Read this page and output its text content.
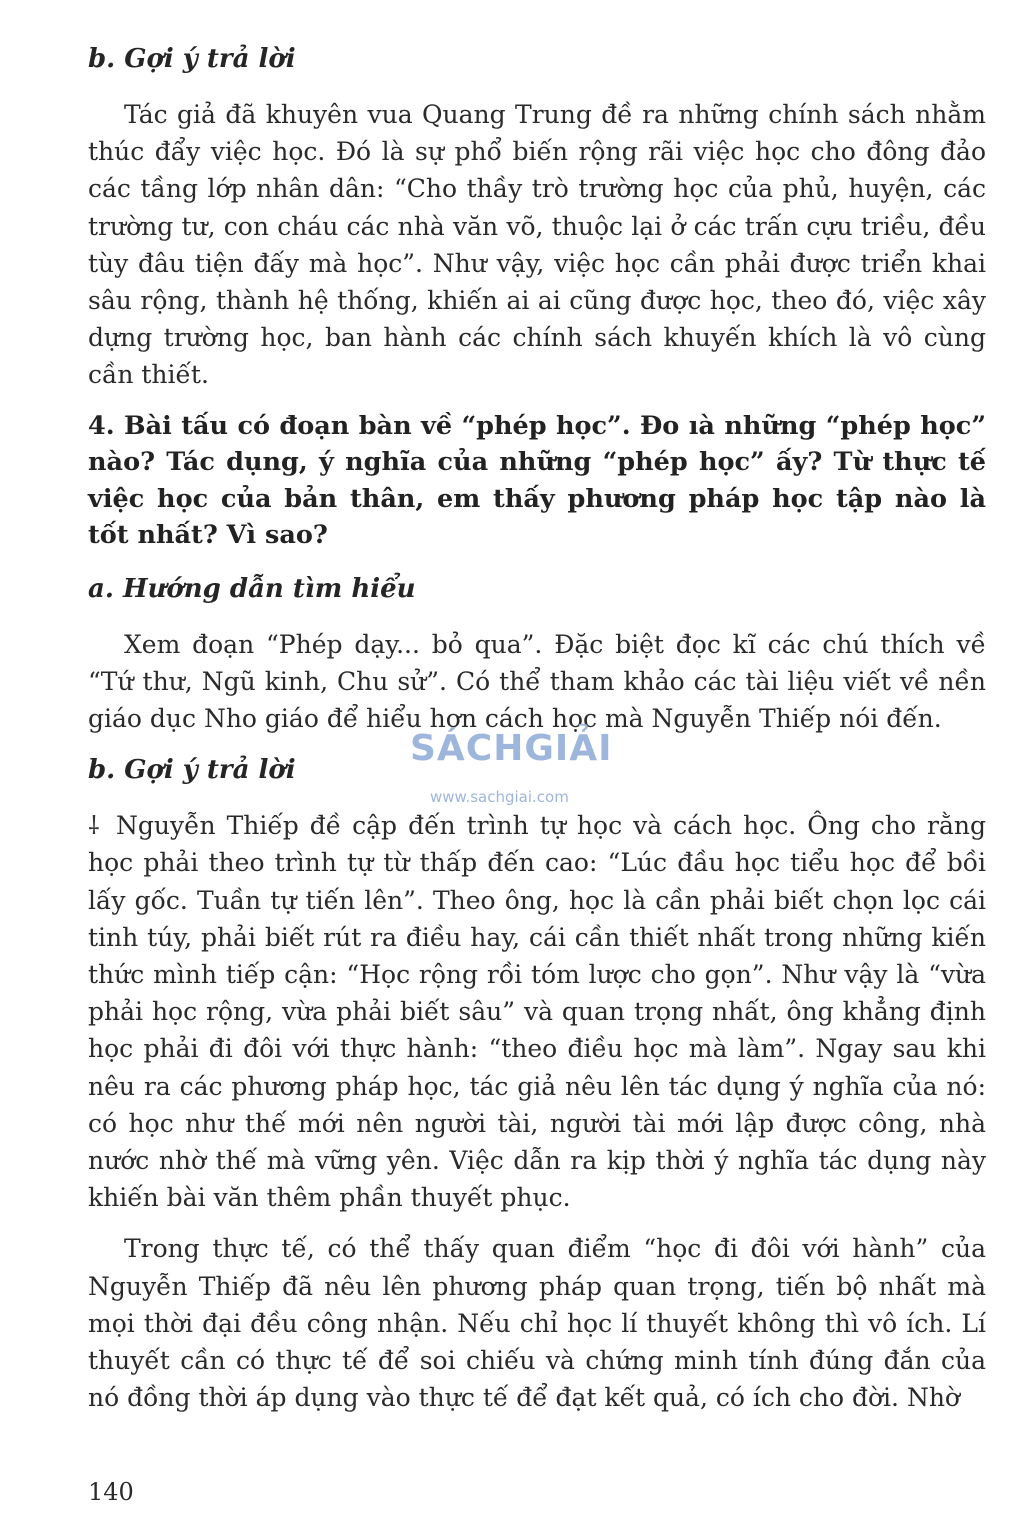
b. Gợi ý trả lời

Tác giả đã khuyên vua Quang Trung đề ra những chính sách nhằm thúc đẩy việc học. Đó là sự phổ biến rộng rãi việc học cho đông đảo các tầng lớp nhân dân: “Cho thầy trò trường học của phủ, huyện, các trường tư, con cháu các nhà văn võ, thuộc lại ở các trấn cựu triều, đều tùy đâu tiện đấy mà học”. Như vậy, việc học cần phải được triển khai sâu rộng, thành hệ thống, khiến ai ai cũng được học, theo đó, việc xây dựng trường học, ban hành các chính sách khuyến khích là vô cùng cần thiết.

4. Bài tấu có đoạn bàn về “phép học”. Đo ıà những “phép học” nào? Tác dụng, ý nghĩa của những “phép học” ấy? Từ thực tế việc học của bản thân, em thấy phương pháp học tập nào là tốt nhất? Vì sao?

a. Hướng dẫn tìm hiểu

Xem đoạn “Phép dạy... bỏ qua”. Đặc biệt đọc kĩ các chú thích về “Tứ thư, Ngũ kinh, Chu sử”. Có thể tham khảo các tài liệu viết về nền giáo dục Nho giáo để hiểu hơn cách học mà Nguyễn Thiếp nói đến.

b. Gợi ý trả lời

⸸ Nguyễn Thiếp đề cập đến trình tự học và cách học. Ông cho rằng học phải theo trình tự từ thấp đến cao: “Lúc đầu học tiểu học để bồi lấy gốc. Tuần tự tiến lên”. Theo ông, học là cần phải biết chọn lọc cái tinh túy, phải biết rút ra điều hay, cái cần thiết nhất trong những kiến thức mình tiếp cận: “Học rộng rồi tóm lược cho gọn”. Như vậy là “vừa phải học rộng, vừa phải biết sâu” và quan trọng nhất, ông khẳng định học phải đi đôi với thực hành: “theo điều học mà làm”. Ngay sau khi nêu ra các phương pháp học, tác giả nêu lên tác dụng ý nghĩa của nó: có học như thế mới nên người tài, người tài mới lập được công, nhà nước nhờ thế mà vững yên. Việc dẫn ra kịp thời ý nghĩa tác dụng này khiến bài văn thêm phần thuyết phục.

Trong thực tế, có thể thấy quan điểm “học đi đôi với hành” của Nguyễn Thiếp đã nêu lên phương pháp quan trọng, tiến bộ nhất mà mọi thời đại đều công nhận. Nếu chỉ học lí thuyết không thì vô ích. Lí thuyết cần có thực tế để soi chiếu và chứng minh tính đúng đắn của nó đồng thời áp dụng vào thực tế để đạt kết quả, có ích cho đời. Nhờ

SÁCHGIẢI
www.sachgiai.com
140
